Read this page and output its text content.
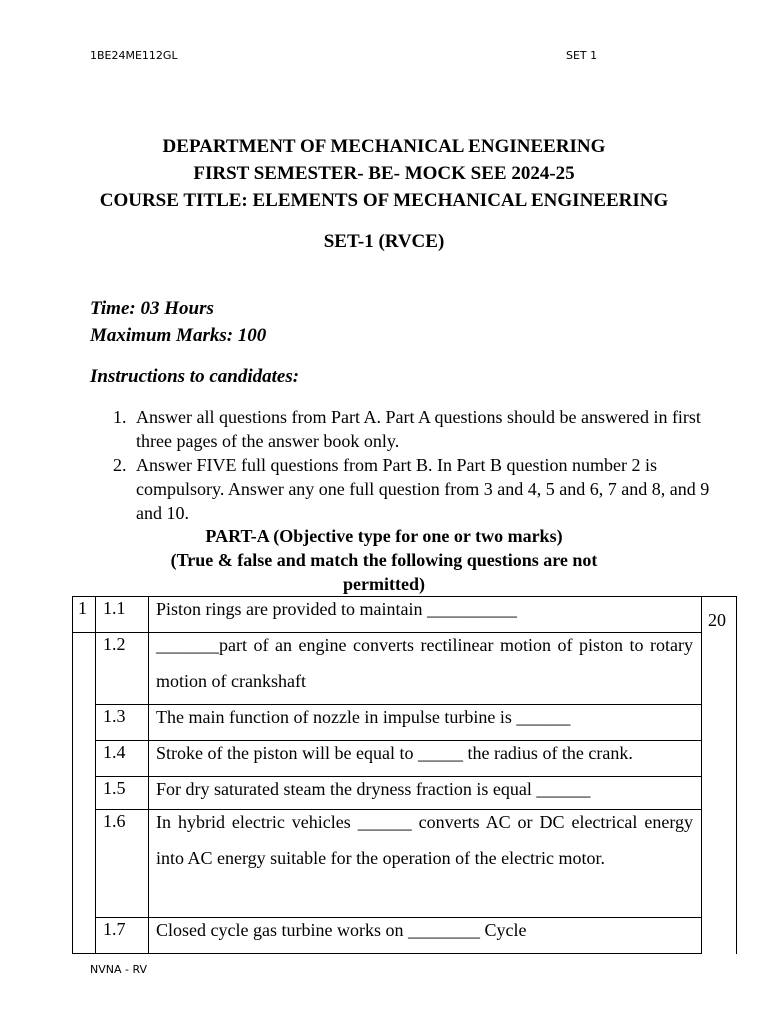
1BE24ME112GL	SET 1
DEPARTMENT OF MECHANICAL ENGINEERING
FIRST SEMESTER- BE- MOCK SEE 2024-25
COURSE TITLE: ELEMENTS OF MECHANICAL ENGINEERING
SET-1 (RVCE)
Time: 03 Hours
Maximum Marks: 100
Instructions to candidates:
1. Answer all questions from Part A. Part A questions should be answered in first three pages of the answer book only.
2. Answer FIVE full questions from Part B. In Part B question number 2 is compulsory. Answer any one full question from 3 and 4, 5 and 6, 7 and 8, and 9 and 10.
PART-A (Objective type for one or two marks)
(True & false and match the following questions are not
permitted)
1
20
1.1 Piston rings are provided to maintain __________
1.2 _______part of an engine converts rectilinear motion of piston to rotary motion of crankshaft
1.3 The main function of nozzle in impulse turbine is ______
1.4 Stroke of the piston will be equal to _____ the radius of the crank.
1.5 For dry saturated steam the dryness fraction is equal ______
1.6 In hybrid electric vehicles ______ converts AC or DC electrical energy into AC energy suitable for the operation of the electric motor.
1.7 Closed cycle gas turbine works on ________ Cycle
NVNA - RV
